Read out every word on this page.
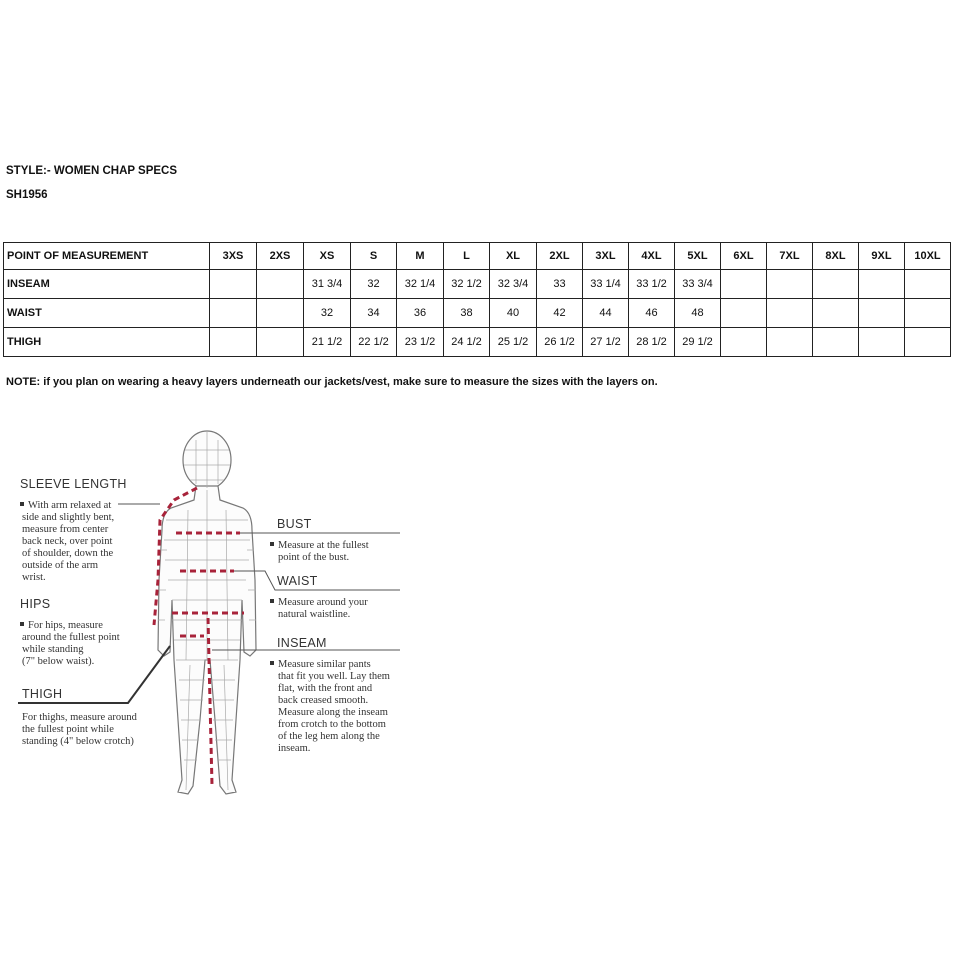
STYLE:- WOMEN CHAP SPECS
SH1956
POINT OF MEASUREMENT	3XS	2XS	XS	S	M	L	XL	2XL	3XL	4XL	5XL	6XL	7XL	8XL	9XL	10XL
INSEAM			31 3/4	32	32 1/4	32 1/2	32 3/4	33	33 1/4	33 1/2	33 3/4					
WAIST			32	34	36	38	40	42	44	46	48					
THIGH			21 1/2	22 1/2	23 1/2	24 1/2	25 1/2	26 1/2	27 1/2	28 1/2	29 1/2					
NOTE: if you plan on wearing a heavy layers underneath our jackets/vest, make sure to measure the sizes with the layers on.
SLEEVE LENGTH
With arm relaxed at
side and slightly bent,
measure from center
back neck, over point
of shoulder, down the
outside of the arm
wrist.
HIPS
For hips, measure
around the fullest point
while standing
(7" below waist).
THIGH
For thighs, measure around
the fullest point while
standing (4" below crotch)
BUST
Measure at the fullest
point of the bust.
WAIST
Measure around your
natural waistline.
INSEAM
Measure similar pants
that fit you well. Lay them
flat, with the front and
back creased smooth.
Measure along the inseam
from crotch to the bottom
of the leg hem along the
inseam.
